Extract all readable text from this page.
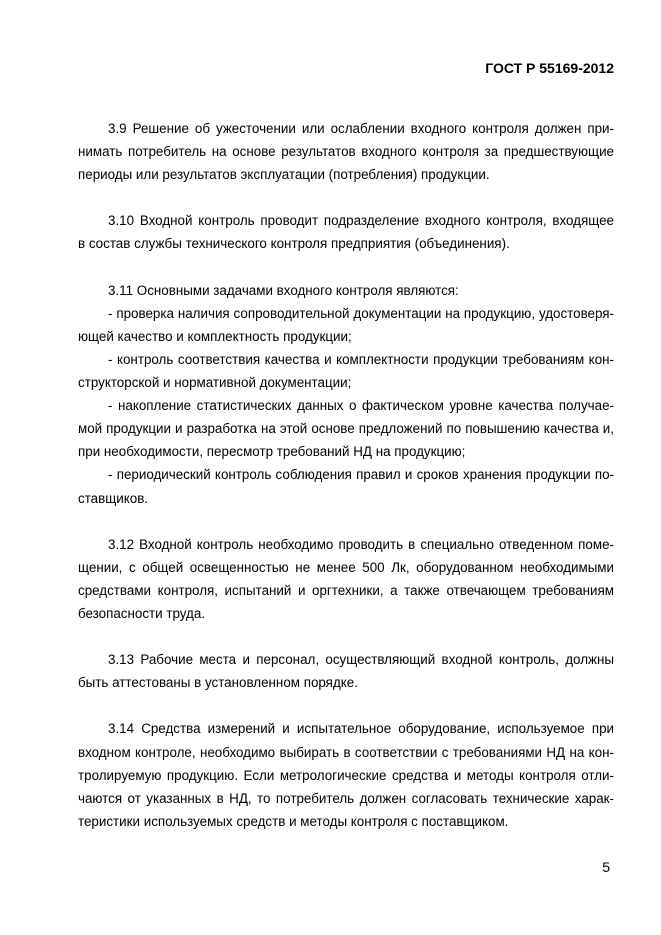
ГОСТ Р 55169-2012
3.9 Решение об ужесточении или ослаблении входного контроля должен при-
нимать потребитель на основе результатов входного контроля за предшествующие
периоды или результатов эксплуатации (потребления) продукции.
3.10 Входной контроль проводит подразделение входного контроля, входящее
в состав службы технического контроля предприятия (объединения).
3.11 Основными задачами входного контроля являются:
- проверка наличия сопроводительной документации на продукцию, удостоверя-
ющей качество и комплектность продукции;
- контроль соответствия качества и комплектности продукции требованиям кон-
структорской и нормативной документации;
- накопление статистических данных о фактическом уровне качества получае-
мой продукции и разработка на этой основе предложений по повышению качества и,
при необходимости, пересмотр требований НД на продукцию;
- периодический контроль соблюдения правил и сроков хранения продукции по-
ставщиков.
3.12 Входной контроль необходимо проводить в специально отведенном поме-
щении, с общей освещенностью не менее 500 Лк, оборудованном необходимыми
средствами контроля, испытаний и оргтехники, а также отвечающем требованиям
безопасности труда.
3.13 Рабочие места и персонал, осуществляющий входной контроль, должны
быть аттестованы в установленном порядке.
3.14 Средства измерений и испытательное оборудование, используемое при
входном контроле, необходимо выбирать в соответствии с требованиями НД на кон-
тролируемую продукцию. Если метрологические средства и методы контроля отли-
чаются от указанных в НД, то потребитель должен согласовать технические харак-
теристики используемых средств и методы контроля с поставщиком.
5
